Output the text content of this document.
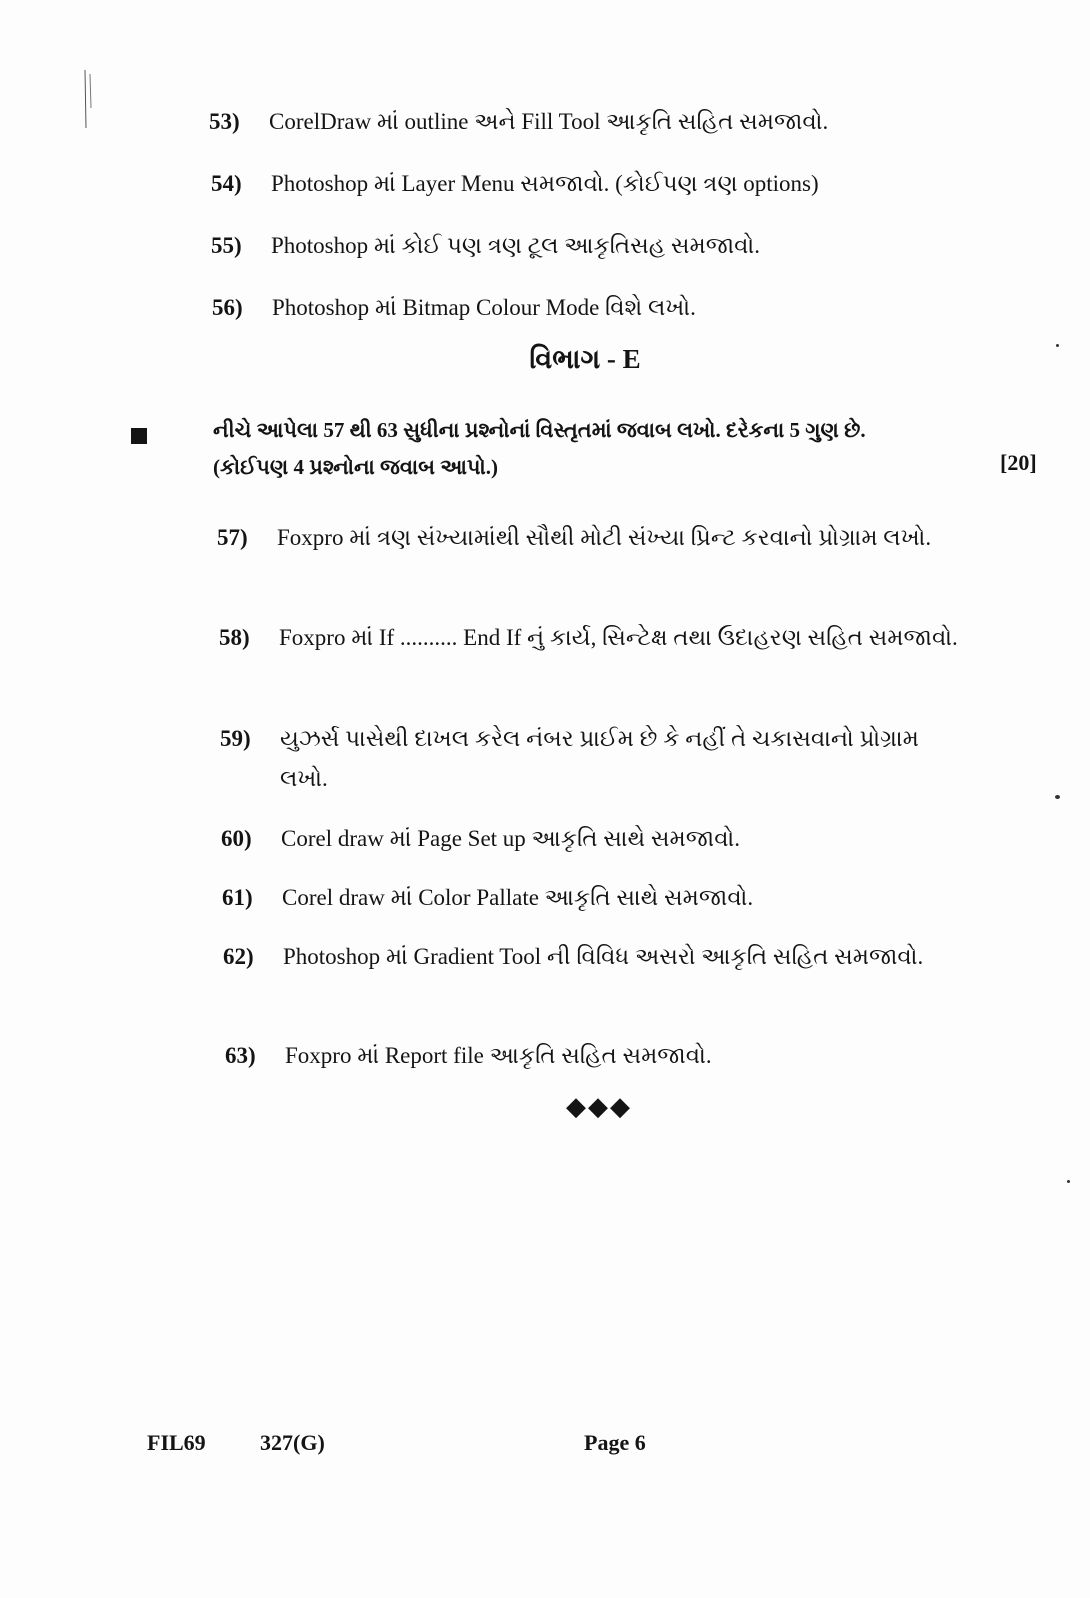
53) CorelDraw માં outline અને Fill Tool આકૃતિ સહિત સમજાવો.
54) Photoshop માં Layer Menu સમજાવો. (કોઈપણ ત્રણ options)
55) Photoshop માં કોઈ પણ ત્રણ ટૂલ આકૃતિસહ સમજાવો.
56) Photoshop માં Bitmap Colour Mode વિશે લખો.
વિભાગ - E
નીચે આપેલા 57 થી 63 સુધીના પ્રશ્નોનાં વિસ્તૃતમાં જવાબ લખો. દરેકના 5 ગુણ છે.
(કોઈપણ 4 પ્રશ્નોના જવાબ આપો.)	[20]
57) Foxpro માં ત્રણ સંખ્યામાંથી સૌથી મોટી સંખ્યા પ્રિન્ટ કરવાનો પ્રોગ્રામ લખો.
58) Foxpro માં If .......... End If નું કાર્ય, સિન્ટેક્ષ તથા ઉદાહરણ સહિત સમજાવો.
59) યુઝર્સ પાસેથી દાખલ કરેલ નંબર પ્રાઈમ છે કે નહીં તે ચકાસવાનો પ્રોગ્રામ લખો.
60) Corel draw માં Page Set up આકૃતિ સાથે સમજાવો.
61) Corel draw માં Color Pallate આકૃતિ સાથે સમજાવો.
62) Photoshop માં Gradient Tool ની વિવિધ અસરો આકૃતિ સહિત સમજાવો.
63) Foxpro માં Report file આકૃતિ સહિત સમજાવો.
◆◆◆
FIL69 327(G)	Page 6
